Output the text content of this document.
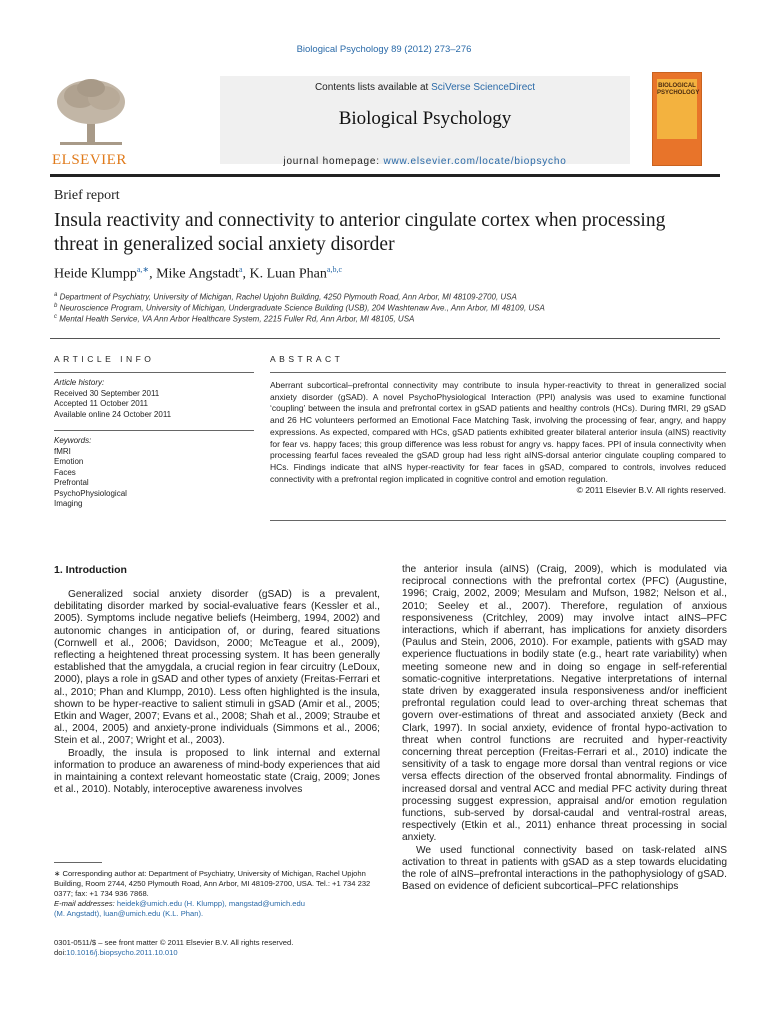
Biological Psychology 89 (2012) 273–276
ELSEVIER
Contents lists available at SciVerse ScienceDirect
Biological Psychology
journal homepage: www.elsevier.com/locate/biopsycho
BIOLOGICAL PSYCHOLOGY
Brief report
Insula reactivity and connectivity to anterior cingulate cortex when processing
threat in generalized social anxiety disorder
Heide Klumpp$^{a,∗}$, Mike Angstadt$^a$, K. Luan Phan$^{a,b,c}$
$^a$ Department of Psychiatry, University of Michigan, Rachel Upjohn Building, 4250 Plymouth Road, Ann Arbor, MI 48109-2700, USA
$^b$ Neuroscience Program, University of Michigan, Undergraduate Science Building (USB), 204 Washtenaw Ave., Ann Arbor, MI 48109, USA
$^c$ Mental Health Service, VA Ann Arbor Healthcare System, 2215 Fuller Rd, Ann Arbor, MI 48105, USA
ARTICLE INFO
Article history:
Received 30 September 2011
Accepted 11 October 2011
Available online 24 October 2011
Keywords:
fMRI
Emotion
Faces
Prefrontal
PsychoPhysiological
Imaging
ABSTRACT
Aberrant subcortical–prefrontal connectivity may contribute to insula hyper-reactivity to threat in generalized social anxiety disorder (gSAD). A novel PsychoPhysiological Interaction (PPI) analysis was used to examine functional ‘coupling’ between the insula and prefrontal cortex in gSAD patients and healthy controls (HCs). During fMRI, 29 gSAD and 26 HC volunteers performed an Emotional Face Matching Task, involving the processing of fear, angry, and happy expressions. As expected, compared with HCs, gSAD patients exhibited greater bilateral anterior insula (aINS) reactivity for fear vs. happy faces; this group difference was less robust for angry vs. happy faces. PPI of insula connectivity when processing fearful faces revealed the gSAD group had less right aINS-dorsal anterior cingulate coupling compared to HCs. Findings indicate that aINS hyper-reactivity for fear faces in gSAD, compared to controls, involves reduced connectivity with a prefrontal region implicated in cognitive control and emotion regulation.
© 2011 Elsevier B.V. All rights reserved.
1. Introduction

Generalized social anxiety disorder (gSAD) is a prevalent, debilitating disorder marked by social-evaluative fears (Kessler et al., 2005). Symptoms include negative beliefs (Heimberg, 1994, 2002) and autonomic changes in anticipation of, or during, feared situations (Cornwell et al., 2006; Davidson, 2000; McTeague et al., 2009), reflecting a heightened threat processing system. It has been generally established that the amygdala, a crucial region in fear circuitry (LeDoux, 2000), plays a role in gSAD and other types of anxiety (Freitas-Ferrari et al., 2010; Phan and Klumpp, 2010). Less often highlighted is the insula, shown to be hyper-reactive to salient stimuli in gSAD (Amir et al., 2005; Etkin and Wager, 2007; Evans et al., 2008; Shah et al., 2009; Straube et al., 2004, 2005) and anxiety-prone individuals (Simmons et al., 2006; Stein et al., 2007; Wright et al., 2003).

Broadly, the insula is proposed to link internal and external information to produce an awareness of mind-body experiences that aid in maintaining a context relevant homeostatic state (Craig, 2009; Jones et al., 2010). Notably, interoceptive awareness involves

the anterior insula (aINS) (Craig, 2009), which is modulated via reciprocal connections with the prefrontal cortex (PFC) (Augustine, 1996; Craig, 2002, 2009; Mesulam and Mufson, 1982; Nelson et al., 2010; Seeley et al., 2007). Therefore, regulation of anxious responsiveness (Critchley, 2009) may involve intact aINS–PFC interactions, which if aberrant, has implications for anxiety disorders (Paulus and Stein, 2006, 2010). For example, patients with gSAD may experience fluctuations in bodily state (e.g., heart rate variability) when meeting someone new and in doing so engage in self-referential somatic-cognitive interpretations. Negative interpretations of internal state driven by exaggerated insula responsiveness and/or inefficient prefrontal regulation could lead to over-arching threat schemas that govern over-estimations of threat and associated anxiety (Beck and Clark, 1997). In social anxiety, evidence of frontal hypo-activation to threat when control functions are recruited and hyper-reactivity concerning threat perception (Freitas-Ferrari et al., 2010) indicate the sensitivity of a task to engage more dorsal than ventral regions or vice versa effects direction of the observed frontal abnormality. Findings of increased dorsal and ventral ACC and medial PFC activity during threat processing suggest expression, appraisal and/or emotion regulation functions, sub-served by dorsal-caudal and ventral-rostral areas, respectively (Etkin et al., 2011) enhance threat processing in social anxiety.

We used functional connectivity based on task-related aINS activation to threat in patients with gSAD as a step towards elucidating the role of aINS–prefrontal interactions in the pathophysiology of gSAD. Based on evidence of deficient subcortical–PFC relationships

∗ Corresponding author at: Department of Psychiatry, University of Michigan, Rachel Upjohn Building, Room 2744, 4250 Plymouth Road, Ann Arbor, MI 48109-2700, USA. Tel.: +1 734 232 0377; fax: +1 734 936 7868.
E-mail addresses: heidek@umich.edu (H. Klumpp), mangstad@umich.edu
(M. Angstadt), luan@umich.edu (K.L. Phan).
0301-0511/$ – see front matter © 2011 Elsevier B.V. All rights reserved.
doi:10.1016/j.biopsycho.2011.10.010
